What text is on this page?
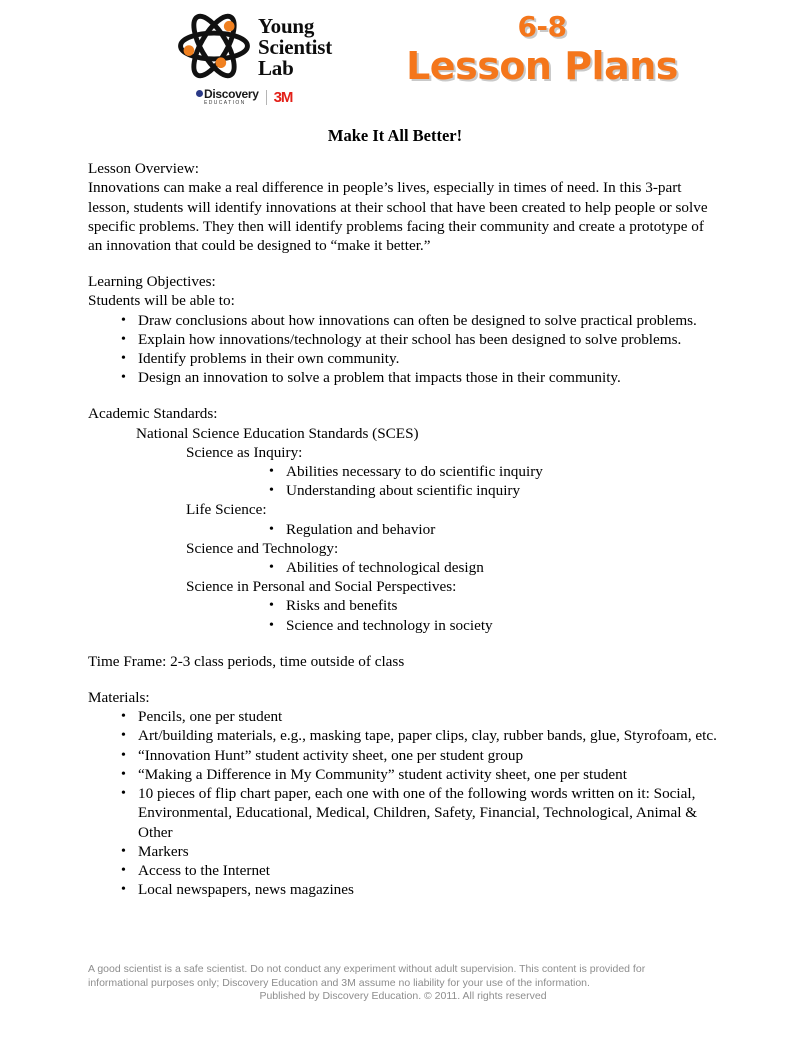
Young
Scientist
Lab
Discovery
EDUCATION 3M
6-8
Lesson Plans
Make It All Better!

Lesson Overview:

Innovations can make a real difference in people’s lives, especially in times of need. In this 3-part lesson, students will identify innovations at their school that have been created to help people or solve specific problems. They then will identify problems facing their community and create a prototype of an innovation that could be designed to “make it better.”

Learning Objectives:

Students will be able to:

• Draw conclusions about how innovations can often be designed to solve practical problems.
• Explain how innovations/technology at their school has been designed to solve problems.
• Identify problems in their own community.
• Design an innovation to solve a problem that impacts those in their community.

Academic Standards:

National Science Education Standards (SCES)

Science as Inquiry:

• Abilities necessary to do scientific inquiry
• Understanding about scientific inquiry

Life Science:

• Regulation and behavior

Science and Technology:

• Abilities of technological design

Science in Personal and Social Perspectives:

• Risks and benefits
• Science and technology in society

Time Frame: 2-3 class periods, time outside of class

Materials:

• Pencils, one per student
• Art/building materials, e.g., masking tape, paper clips, clay, rubber bands, glue, Styrofoam, etc.
• “Innovation Hunt” student activity sheet, one per student group
• “Making a Difference in My Community” student activity sheet, one per student
• 10 pieces of flip chart paper, each one with one of the following words written on it: Social, Environmental, Educational, Medical, Children, Safety, Financial, Technological, Animal & Other
• Markers
• Access to the Internet
• Local newspapers, news magazines

A good scientist is a safe scientist. Do not conduct any experiment without adult supervision. This content is provided for

informational purposes only; Discovery Education and 3M assume no liability for your use of the information.

Published by Discovery Education. © 2011. All rights reserved
